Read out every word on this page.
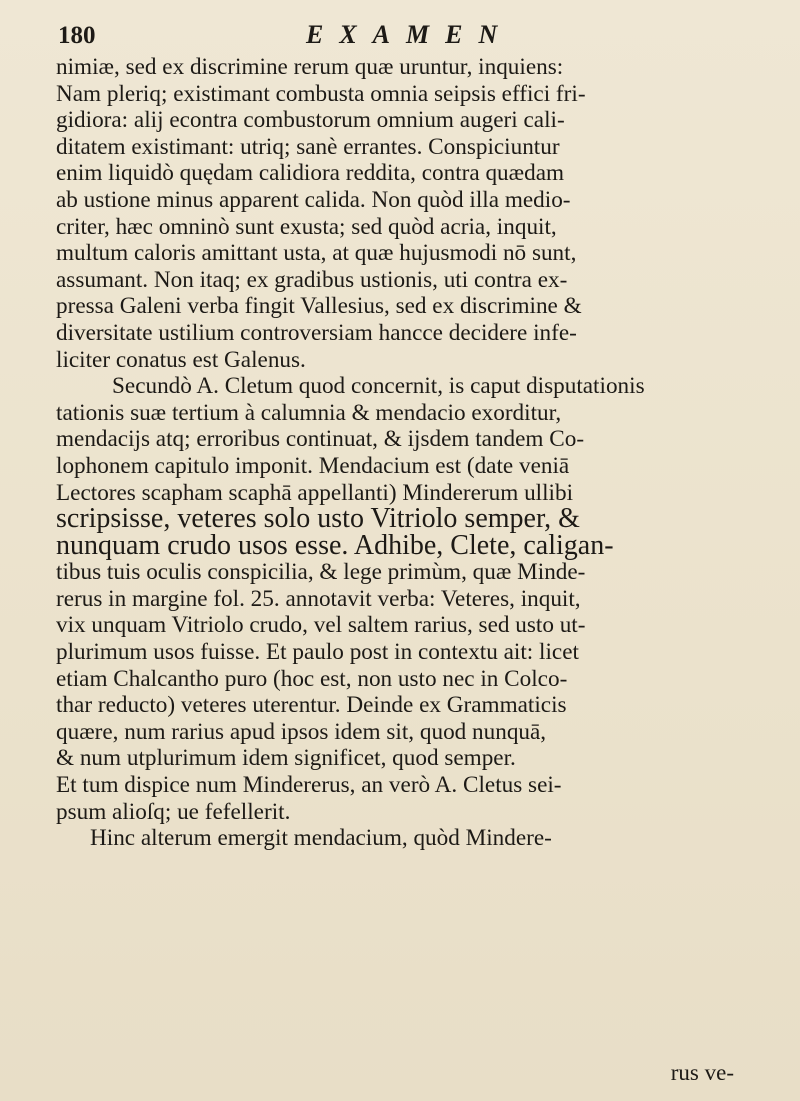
180	EXAMEN
nimiæ, sed ex discrimine rerum quæ uruntur, inquiens:
Nam pleriq; existimant combusta omnia seipsis effici fri-
gidiora: alij econtra combustorum omnium augeri cali-
ditatem existimant: utriq; sanè errantes. Conspiciuntur
enim liquidò quędam calidiora reddita, contra quædam
ab ustione minus apparent calida. Non quòd illa medio-
criter, hæc omninò sunt exusta; sed quòd acria, inquit,
multum caloris amittant usta, at quæ hujusmodi nō sunt,
assumant. Non itaq; ex gradibus ustionis, uti contra ex-
pressa Galeni verba fingit Vallesius, sed ex discrimine &
diversitate ustilium controversiam hancce decidere infe-
liciter conatus est Galenus.
Secundò A. Cletum quod concernit, is caput disputationis
tationis suæ tertium à calumnia & mendacio exorditur,
mendacijs atq; erroribus continuat, & ijsdem tandem Co-
lophonem capitulo imponit. Mendacium est (date veniā
Lectores scapham scaphā appellanti) Mindererum ullibi
scripsisse, veteres solo usto Vitriolo semper, &
nunquam crudo usos esse. Adhibe, Clete, caligan-
tibus tuis oculis conspicilia, & lege primùm, quæ Minde-
rerus in margine fol. 25. annotavit verba: Veteres, inquit,
vix unquam Vitriolo crudo, vel saltem rarius, sed usto ut-
plurimum usos fuisse. Et paulo post in contextu ait: licet
etiam Chalcantho puro (hoc est, non usto nec in Colco-
thar reducto) veteres uterentur. Deinde ex Grammaticis
quære, num rarius apud ipsos idem sit, quod nunquā,
& num utplurimum idem significet, quod semper.
Et tum dispice num Mindererus, an verò A. Cletus sei-
psum alioſq; ue fefellerit.
Hinc alterum emergit mendacium, quòd Mindere-
rus ve-
